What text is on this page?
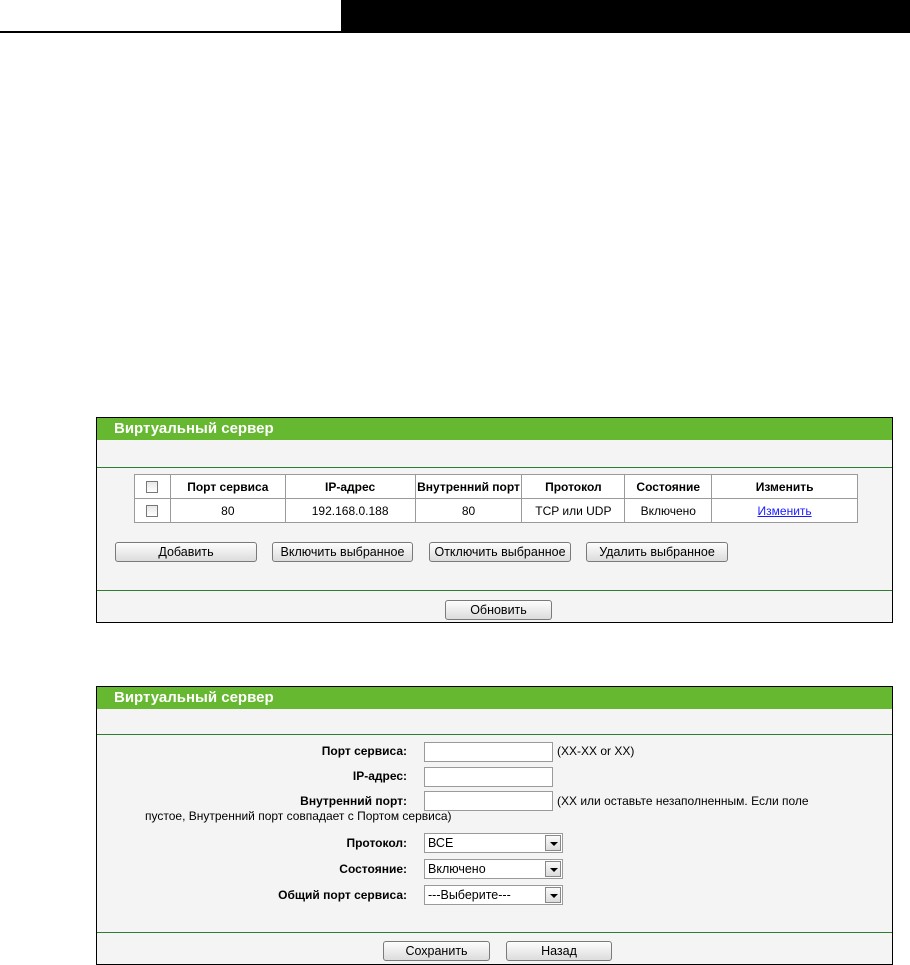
Виртуальный сервер
	Порт сервиса	IP-адрес	Внутренний порт	Протокол	Состояние	Изменить
	80	192.168.0.188	80	TCP или UDP	Включено	Изменить
Добавить	Включить выбранное	Отключить выбранное	Удалить выбранное
Обновить
Виртуальный сервер
Порт сервиса:	(XX-XX or XX)
IP-адрес:
Внутренний порт:	(XX или оставьте незаполненным. Если поле
пустое, Внутренний порт совпадает с Портом сервиса)
Протокол: ВСЕ
Состояние: Включено
Общий порт сервиса: ---Выберите---
Сохранить	Назад
